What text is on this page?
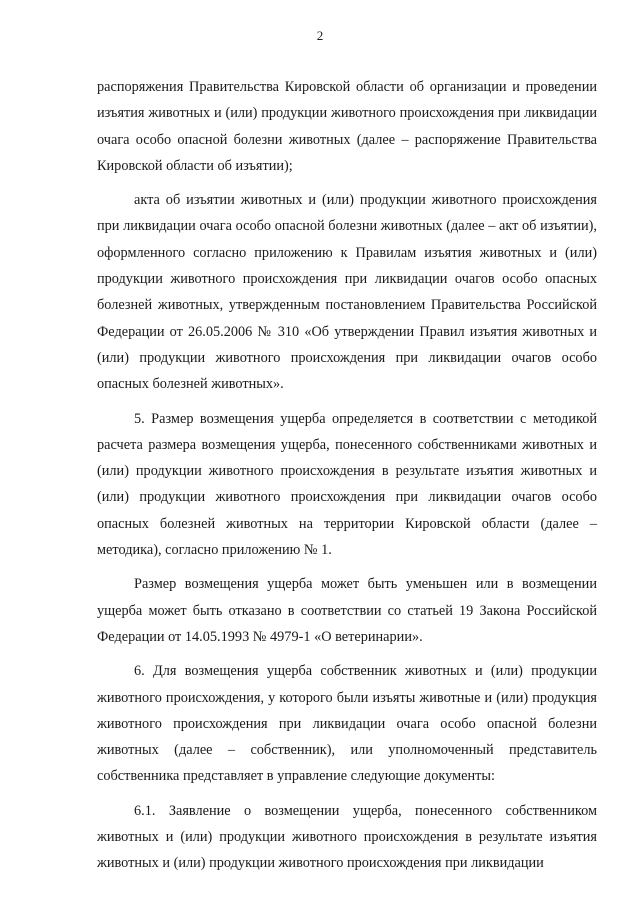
2

распоряжения Правительства Кировской области об организации и проведении изъятия животных и (или) продукции животного происхождения при ликвидации очага особо опасной болезни животных (далее – распоряжение Правительства Кировской области об изъятии);

акта об изъятии животных и (или) продукции животного происхождения при ликвидации очага особо опасной болезни животных (далее – акт об изъятии), оформленного согласно приложению к Правилам изъятия животных и (или) продукции животного происхождения при ликвидации очагов особо опасных болезней животных, утвержденным постановлением Правительства Российской Федерации от 26.05.2006 № 310 «Об утверждении Правил изъятия животных и (или) продукции животного происхождения при ликвидации очагов особо опасных болезней животных».

5. Размер возмещения ущерба определяется в соответствии с методикой расчета размера возмещения ущерба, понесенного собственниками животных и (или) продукции животного происхождения в результате изъятия животных и (или) продукции животного происхождения при ликвидации очагов особо опасных болезней животных на территории Кировской области (далее – методика), согласно приложению № 1.

Размер возмещения ущерба может быть уменьшен или в возмещении ущерба может быть отказано в соответствии со статьей 19 Закона Российской Федерации от 14.05.1993 № 4979-1 «О ветеринарии».

6. Для возмещения ущерба собственник животных и (или) продукции животного происхождения, у которого были изъяты животные и (или) продукция животного происхождения при ликвидации очага особо опасной болезни животных (далее – собственник), или уполномоченный представитель собственника представляет в управление следующие документы:

6.1. Заявление о возмещении ущерба, понесенного собственником животных и (или) продукции животного происхождения в результате изъятия животных и (или) продукции животного происхождения при ликвидации
